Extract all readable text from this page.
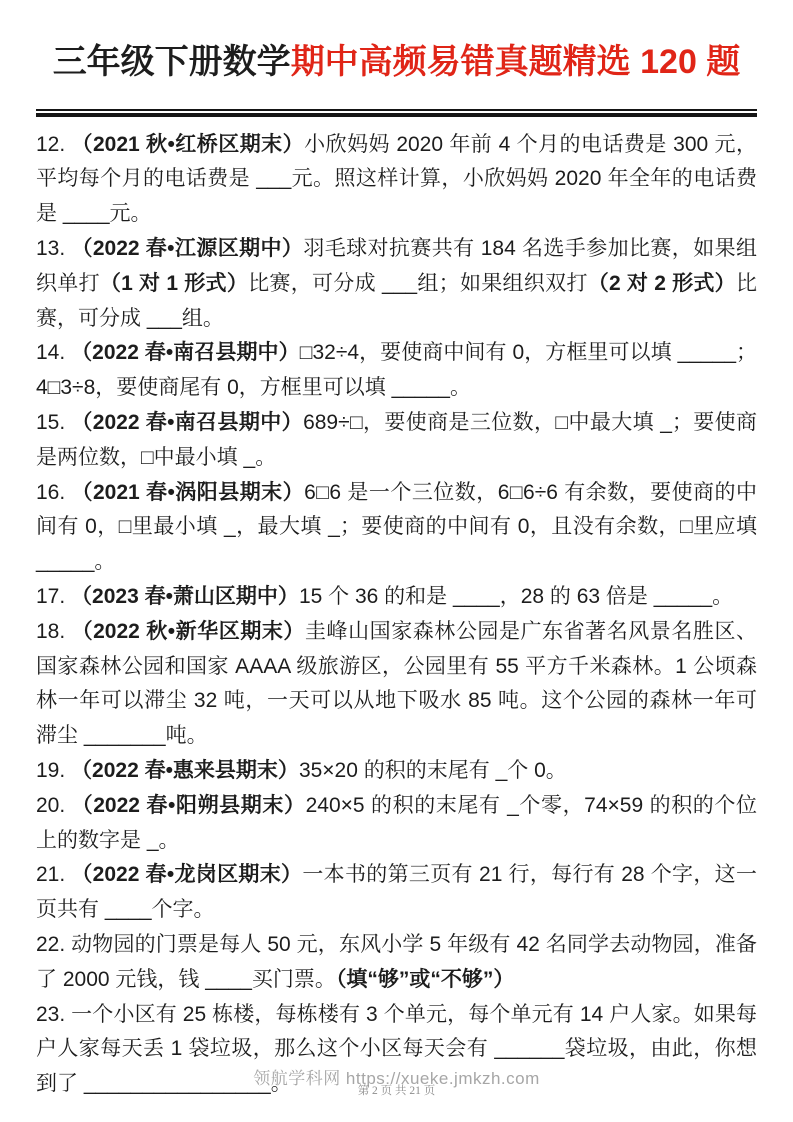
三年级下册数学期中高频易错真题精选 120 题

12. （2021 秋•红桥区期末）小欣妈妈 2020 年前 4 个月的电话费是 300 元，平均每个月的电话费是 ___元。照这样计算，小欣妈妈 2020 年全年的电话费是 ____元。

13. （2022 春•江源区期中）羽毛球对抗赛共有 184 名选手参加比赛，如果组织单打（1 对 1 形式）比赛，可分成 ___组；如果组织双打（2 对 2 形式）比赛，可分成 ___组。

14. （2022 春•南召县期中）□32÷4，要使商中间有 0，方框里可以填 _____；4□3÷8，要使商尾有 0，方框里可以填 _____。

15. （2022 春•南召县期中）689÷□，要使商是三位数，□中最大填 _；要使商是两位数，□中最小填 _。

16. （2021 春•涡阳县期末）6□6 是一个三位数，6□6÷6 有余数，要使商的中间有 0，□里最小填 _，最大填 _；要使商的中间有 0，且没有余数，□里应填 _____。

17. （2023 春•萧山区期中）15 个 36 的和是 ____，28 的 63 倍是 _____。

18. （2022 秋•新华区期末）圭峰山国家森林公园是广东省著名风景名胜区、国家森林公园和国家 AAAA 级旅游区，公园里有 55 平方千米森林。1 公顷森林一年可以滞尘 32 吨，一天可以从地下吸水 85 吨。这个公园的森林一年可滞尘 _______吨。

19. （2022 春•惠来县期末）35×20 的积的末尾有 _个 0。

20. （2022 春•阳朔县期末）240×5 的积的末尾有 _个零，74×59 的积的个位上的数字是 _。

21. （2022 春•龙岗区期末）一本书的第三页有 21 行，每行有 28 个字，这一页共有 ____个字。

22. 动物园的门票是每人 50 元，东风小学 5 年级有 42 名同学去动物园，准备了 2000 元钱，钱 ____买门票。（填“够”或“不够”）

23. 一个小区有 25 栋楼，每栋楼有 3 个单元，每个单元有 14 户人家。如果每户人家每天丢 1 袋垃圾，那么这个小区每天会有 ______袋垃圾，由此，你想到了 ________________。

领航学科网 https://xueke.jmkzh.com
第 2 页 共 21 页
